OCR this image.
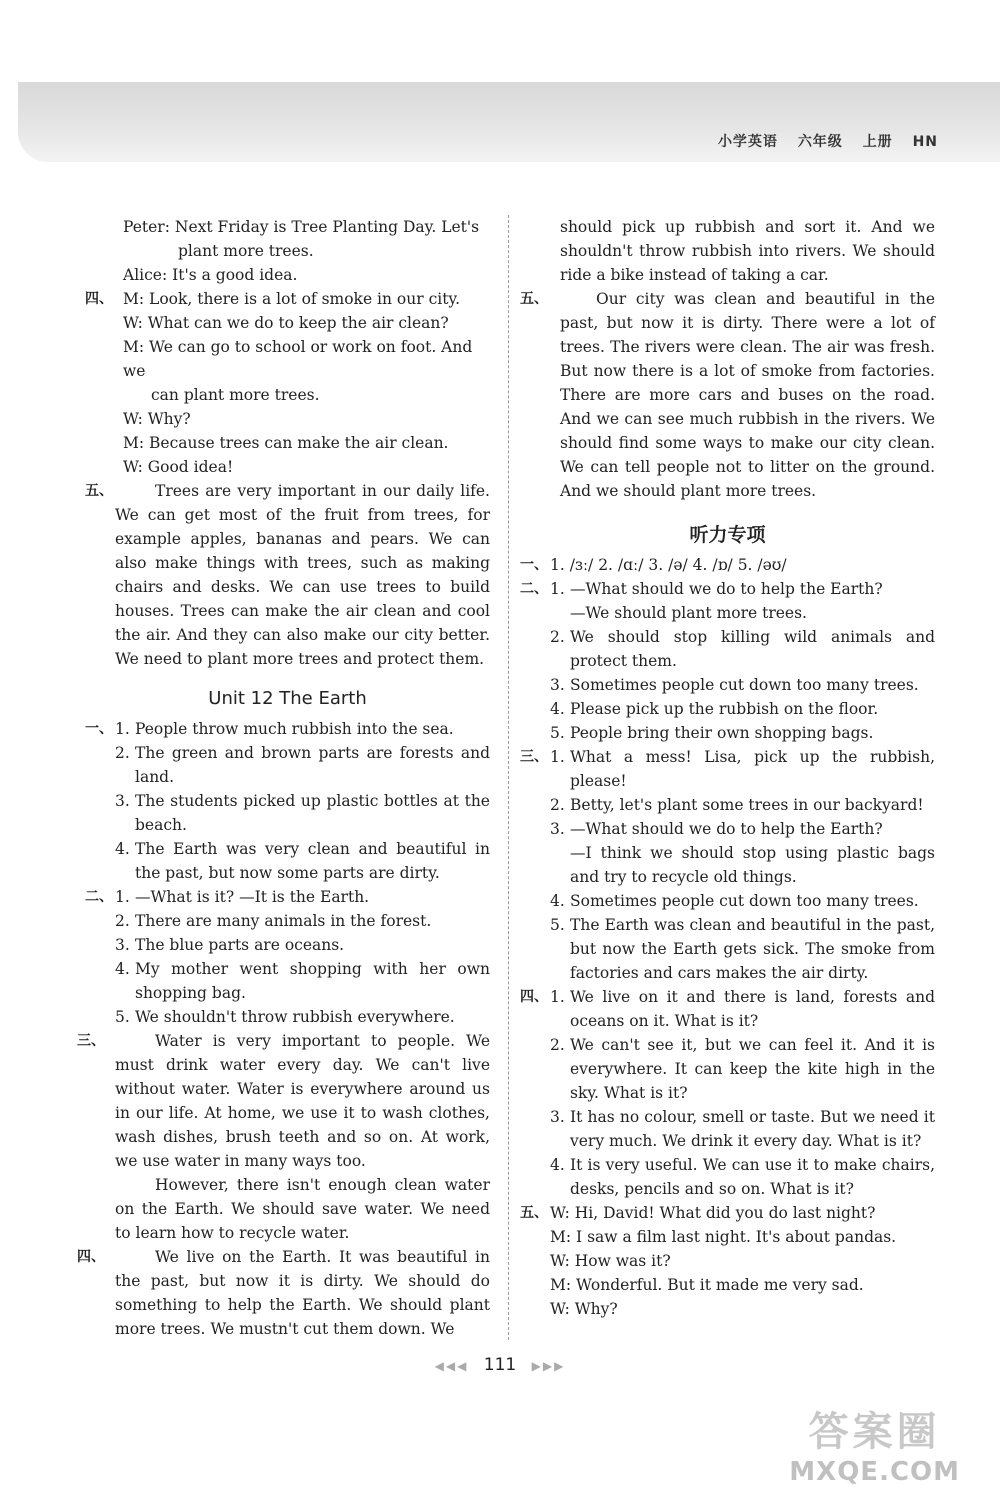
小学英语 六年级 上册 HN
Peter: Next Friday is Tree Planting Day. Let's
plant more trees.
Alice: It's a good idea.
四、 M: Look, there is a lot of smoke in our city.
W: What can we do to keep the air clean?
M: We can go to school or work on foot. And we
can plant more trees.
W: Why?
M: Because trees can make the air clean.
W: Good idea!
五、	Trees are very important in our daily life. We can get most of the fruit from trees, for example apples, bananas and pears. We can also make things with trees, such as making chairs and desks. We can use trees to build houses. Trees can make the air clean and cool the air. And they can also make our city better. We need to plant more trees and protect them.
Unit 12 The Earth
一、 1. People throw much rubbish into the sea.
2. The green and brown parts are forests and land.
3. The students picked up plastic bottles at the beach.
4. The Earth was very clean and beautiful in the past, but now some parts are dirty.
二、 1. —What is it? —It is the Earth.
2. There are many animals in the forest.
3. The blue parts are oceans.
4. My mother went shopping with her own shopping bag.
5. We shouldn't throw rubbish everywhere.
三、	Water is very important to people. We must drink water every day. We can't live without water. Water is everywhere around us in our life. At home, we use it to wash clothes, wash dishes, brush teeth and so on. At work, we use water in many ways too.
However, there isn't enough clean water on the Earth. We should save water. We need to learn how to recycle water.
四、	We live on the Earth. It was beautiful in the past, but now it is dirty. We should do something to help the Earth. We should plant more trees. We mustn't cut them down. We
should pick up rubbish and sort it. And we shouldn't throw rubbish into rivers. We should ride a bike instead of taking a car.
五、	Our city was clean and beautiful in the past, but now it is dirty. There were a lot of trees. The rivers were clean. The air was fresh. But now there is a lot of smoke from factories. There are more cars and buses on the road. And we can see much rubbish in the rivers. We should find some ways to make our city clean. We can tell people not to litter on the ground. And we should plant more trees.
听力专项
一、 1. /ɜː/ 2. /ɑː/ 3. /ə/ 4. /ɒ/ 5. /əʊ/
二、 1. —What should we do to help the Earth?
—We should plant more trees.
2. We should stop killing wild animals and protect them.
3. Sometimes people cut down too many trees.
4. Please pick up the rubbish on the floor.
5. People bring their own shopping bags.
三、 1. What a mess! Lisa, pick up the rubbish, please!
2. Betty, let's plant some trees in our backyard!
3. —What should we do to help the Earth?
—I think we should stop using plastic bags and try to recycle old things.
4. Sometimes people cut down too many trees.
5. The Earth was clean and beautiful in the past, but now the Earth gets sick. The smoke from factories and cars makes the air dirty.
四、 1. We live on it and there is land, forests and oceans on it. What is it?
2. We can't see it, but we can feel it. And it is everywhere. It can keep the kite high in the sky. What is it?
3. It has no colour, smell or taste. But we need it very much. We drink it every day. What is it?
4. It is very useful. We can use it to make chairs, desks, pencils and so on. What is it?
五、 W: Hi, David! What did you do last night?
M: I saw a film last night. It's about pandas.
W: How was it?
M: Wonderful. But it made me very sad.
W: Why?
◀◀◀ 111 ▶▶▶
答案圈
MXQE.COM
